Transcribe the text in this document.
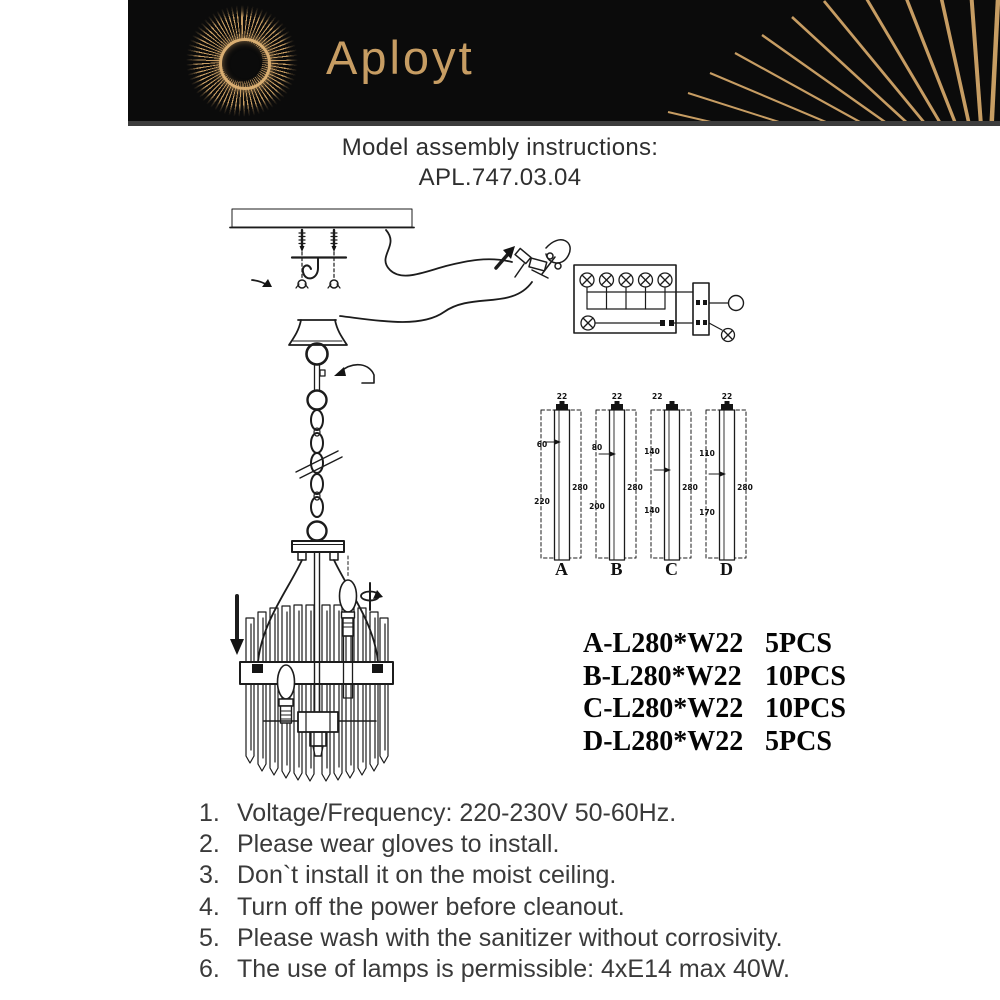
Aployt
Model assembly instructions:
APL.747.03.04
22
60
220
280
A
22
80
200
280
B
22
140
140
280
C
22
110
170
280
D
A-L280*W22 5PCS
B-L280*W22 10PCS
C-L280*W22 10PCS
D-L280*W22 5PCS
1. Voltage/Frequency: 220-230V 50-60Hz.
2. Please wear gloves to install.
3. Don`t install it on the moist ceiling.
4. Turn off the power before cleanout.
5. Please wash with the sanitizer without corrosivity.
6. The use of lamps is permissible: 4xE14 max 40W.
